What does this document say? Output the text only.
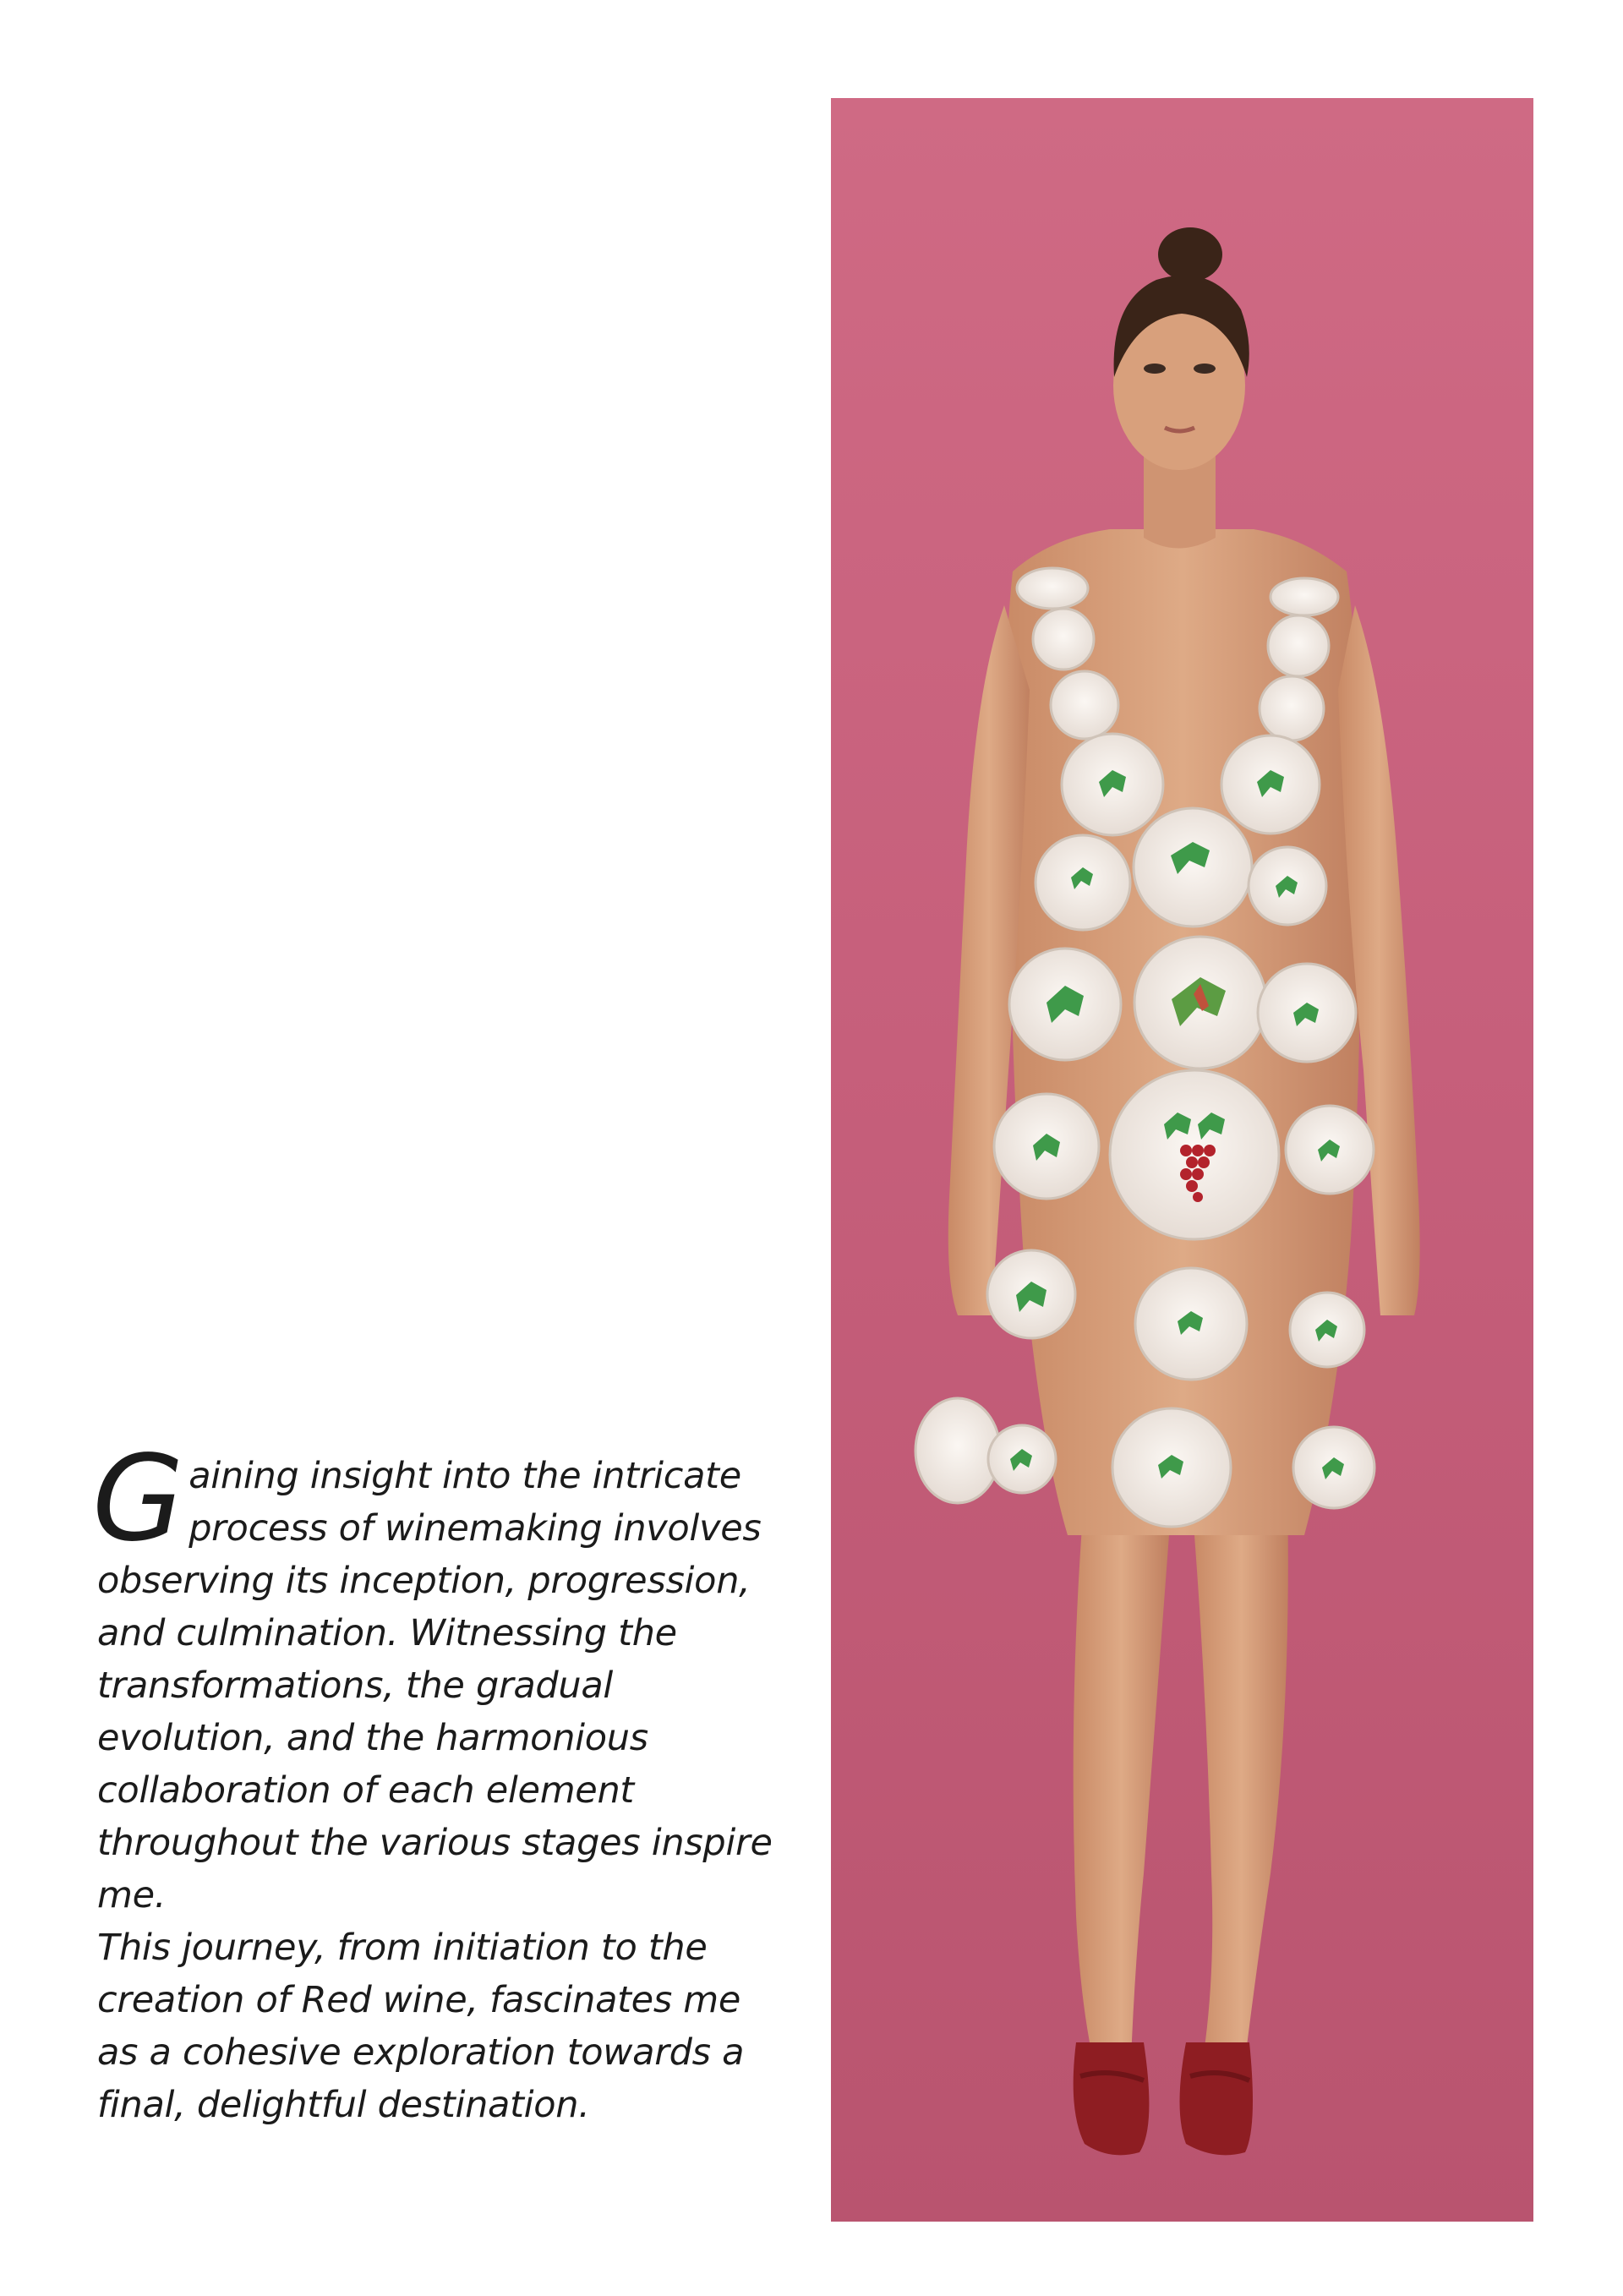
G aining insight into the intricate
process of winemaking involves
observing its inception, progression,
and culmination. Witnessing the
transformations, the gradual
evolution, and the harmonious
collaboration of each element
throughout the various stages inspire
me.

This journey, from initiation to the
creation of Red wine, fascinates me
as a cohesive exploration towards a
final, delightful destination.
